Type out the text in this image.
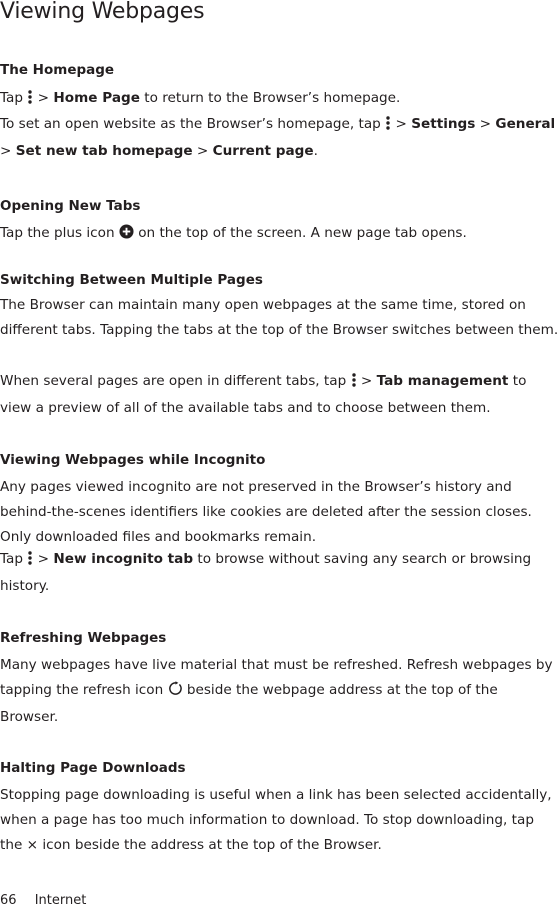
Viewing Webpages
The Homepage

Tap  > Home Page to return to the Browser’s homepage.

To set an open website as the Browser’s homepage, tap  > Settings > General > Set new tab homepage > Current page.

Opening New Tabs

Tap the plus icon  on the top of the screen. A new page tab opens.

Switching Between Multiple Pages

The Browser can maintain many open webpages at the same time, stored on different tabs. Tapping the tabs at the top of the Browser switches between them.

When several pages are open in different tabs, tap  > Tab management to view a preview of all of the available tabs and to choose between them.

Viewing Webpages while Incognito

Any pages viewed incognito are not preserved in the Browser’s history and behind-the-scenes identifiers like cookies are deleted after the session closes. Only downloaded files and bookmarks remain.

Tap  > New incognito tab to browse without saving any search or browsing history.

Refreshing Webpages

Many webpages have live material that must be refreshed. Refresh webpages by tapping the refresh icon  beside the webpage address at the top of the Browser.

Halting Page Downloads

Stopping page downloading is useful when a link has been selected accidentally, when a page has too much information to download. To stop downloading, tap the × icon beside the address at the top of the Browser.

66 Internet
